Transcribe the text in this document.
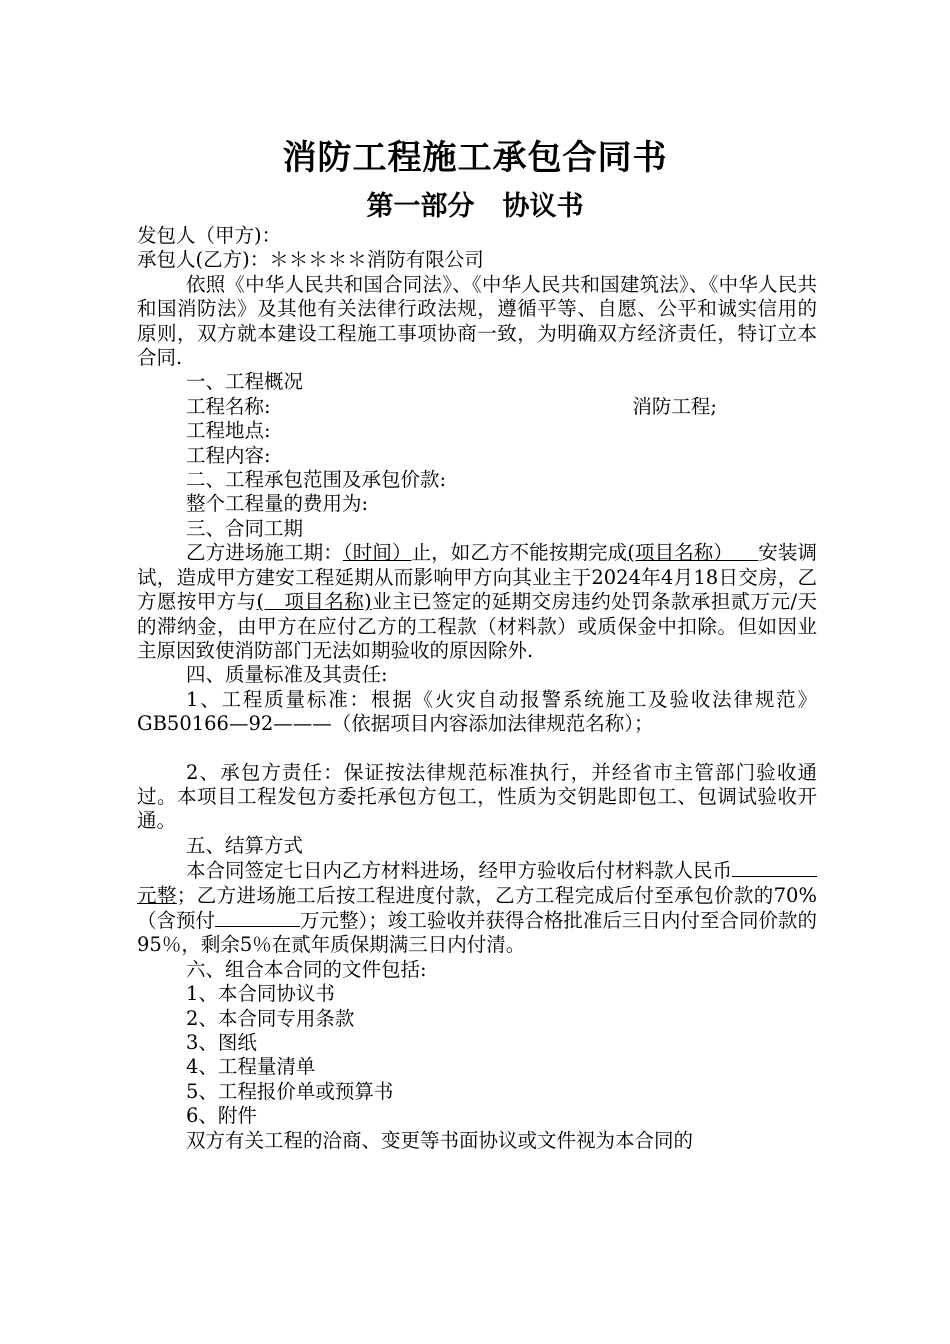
消防工程施工承包合同书
第一部分 协议书

发包人（甲方)：

承包人(乙方)：＊＊＊＊＊消防有限公司

依照《中华人民共和国合同法》、《中华人民共和国建筑法》、《中华人民共和国消防法》及其他有关法律行政法规，遵循平等、自愿、公平和诚实信用的原则，双方就本建设工程施工事项协商一致，为明确双方经济责任，特订立本合同.

一、工程概况

工程名称:	消防工程;

工程地点:

工程内容:

二、工程承包范围及承包价款:

整个工程量的费用为:

三、合同工期

乙方进场施工期：（时间）止，如乙方不能按期完成(项目名称） 安装调试，造成甲方建安工程延期从而影响甲方向其业主于2024年4月18日交房，乙方愿按甲方与(　项目名称)业主已签定的延期交房违约处罚条款承担贰万元/天的滞纳金，由甲方在应付乙方的工程款（材料款）或质保金中扣除。但如因业主原因致使消防部门无法如期验收的原因除外.

四、质量标准及其责任:

1、工程质量标准：根据《火灾自动报警系统施工及验收法律规范》GB50166—92———（依据项目内容添加法律规范名称）；

2、承包方责任：保证按法律规范标准执行，并经省市主管部门验收通过。本项目工程发包方委托承包方包工，性质为交钥匙即包工、包调试验收开通。

五、结算方式

本合同签定七日内乙方材料进场，经甲方验收后付材料款人民币元整；乙方进场施工后按工程进度付款，乙方工程完成后付至承包价款的70%（含预付	万元整）；竣工验收并获得合格批准后三日内付至合同价款的95％，剩余5％在贰年质保期满三日内付清。

六、组合本合同的文件包括:

1、本合同协议书

2、本合同专用条款

3、图纸

4、工程量清单

5、工程报价单或预算书

6、附件

双方有关工程的洽商、变更等书面协议或文件视为本合同的
